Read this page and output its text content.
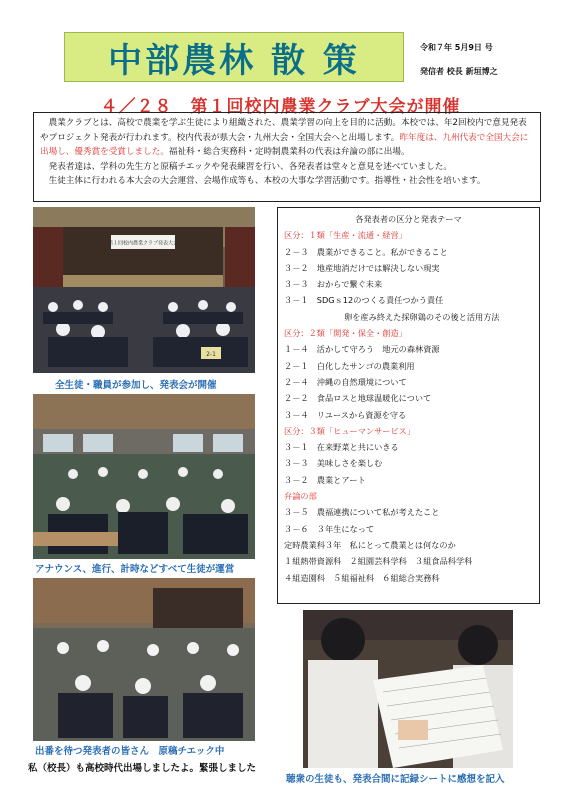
中部農林 散 策	令和７年 5月9日 号
発信者 校長 新垣博之
４／２８　第１回校内農業クラブ大会が開催
　農業クラブとは、高校で農業を学ぶ生徒により組織された、農業学習の向上を目的に活動。本校では、年2回校内で意見発表やプロジェクト発表が行われます。校内代表が県大会・九州大会・全国大会へと出場します。昨年度は、九州代表で全国大会に出場し、優秀賞を受賞しました。福祉科・総合実務科・定時制農業科の代表は弁論の部に出場。
　発表者達は、学科の先生方と原稿チエックや発表練習を行い、各発表者は堂々と意見を述べていました。
　生徒主体に行われる本大会の大会運営、会場作成等も、本校の大事な学習活動です。指導性・社会性を培います。
第１回校内農業クラブ発表大会
2-1
全生徒・職員が参加し、発表会が開催
アナウンス、進行、計時などすべて生徒が運営
出番を待つ発表者の皆さん　原稿チエック中
私（校長）も高校時代出場しましたよ。緊張しました
各発表者の区分と発表テーマ
区分：１類「生産・流通・経営」
２－３　農業ができること。私ができること
３－２　地産地消だけでは解決しない現実
３－３　おからで繋ぐ未来
３－１　SDGｓ12のつくる責任つかう責任
卵を産み終えた採卵鶏のその後と活用方法
区分：２類「開発・保全・創造」
１－４　活かして守ろう　地元の森林資源
２－１　白化したサンゴの農業利用
２－４　沖縄の自然環境について
２－２　食品ロスと地球温暖化について
３－４　リユースから資源を守る
区分：３類「ヒューマンサービス」
３－１　在来野菜と共にいきる
３－３　美味しさを楽しむ
３－２　農業とアート
弁論の部
３－５　農福連携について私が考えたこと
３－６　３年生になって
定時農業科３年　私にとって農業とは何なのか
１組熱帯資源科　２組園芸科学科　３組食品科学科
４組造園科　５組福祉科　６組総合実務科
聴衆の生徒も、発表合間に記録シートに感想を記入
